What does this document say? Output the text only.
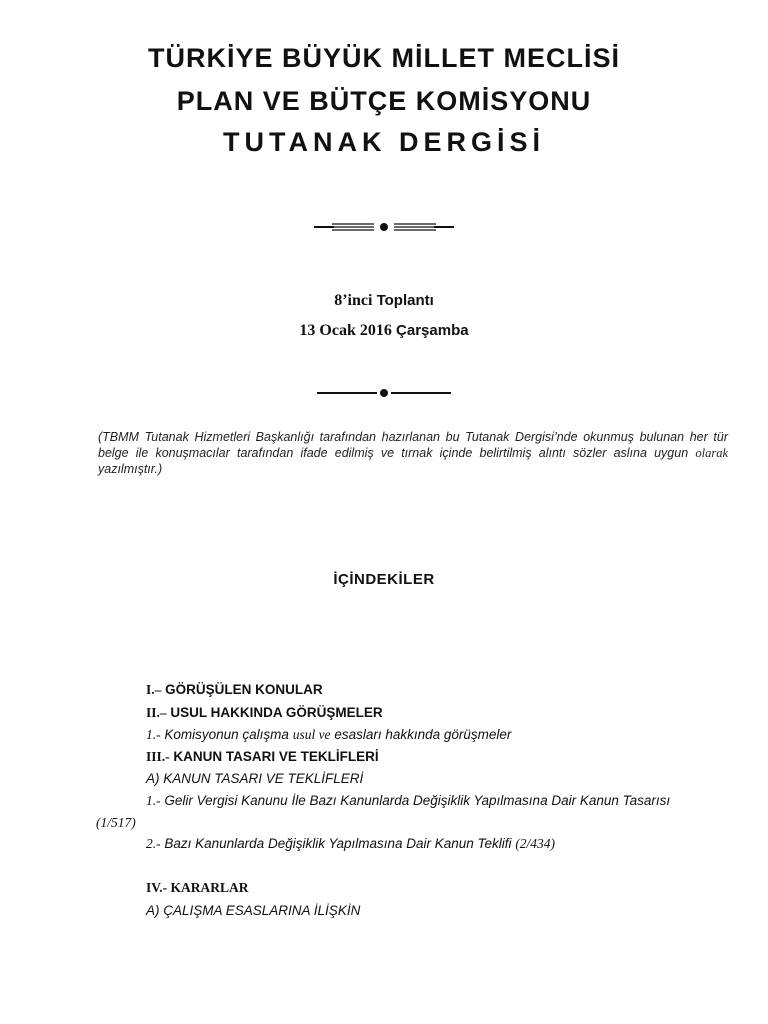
TÜRKİYE BÜYÜK MİLLET MECLİSİ
PLAN VE BÜTÇE KOMİSYONU
TUTANAK DERGİSİ
8’inci Toplantı
13 Ocak 2016 Çarşamba
(TBMM Tutanak Hizmetleri Başkanlığı tarafından hazırlanan bu Tutanak Dergisi’nde okunmuş bulunan her tür belge ile konuşmacılar tarafından ifade edilmiş ve tırnak içinde belirtilmiş alıntı sözler aslına uygun olarak yazılmıştır.)
İÇİNDEKİLER
I.– GÖRÜŞÜLEN KONULAR
II.– USUL HAKKINDA GÖRÜŞMELER
1.- Komisyonun çalışma usul ve esasları hakkında görüşmeler
III.- KANUN TASARI VE TEKLİFLERİ
A) KANUN TASARI VE TEKLİFLERİ
1.- Gelir Vergisi Kanunu İle Bazı Kanunlarda Değişiklik Yapılmasına Dair Kanun Tasarısı
(1/517)
2.- Bazı Kanunlarda Değişiklik Yapılmasına Dair Kanun Teklifi (2/434)
IV.- KARARLAR
A) ÇALIŞMA ESASLARINA İLİŞKİN
